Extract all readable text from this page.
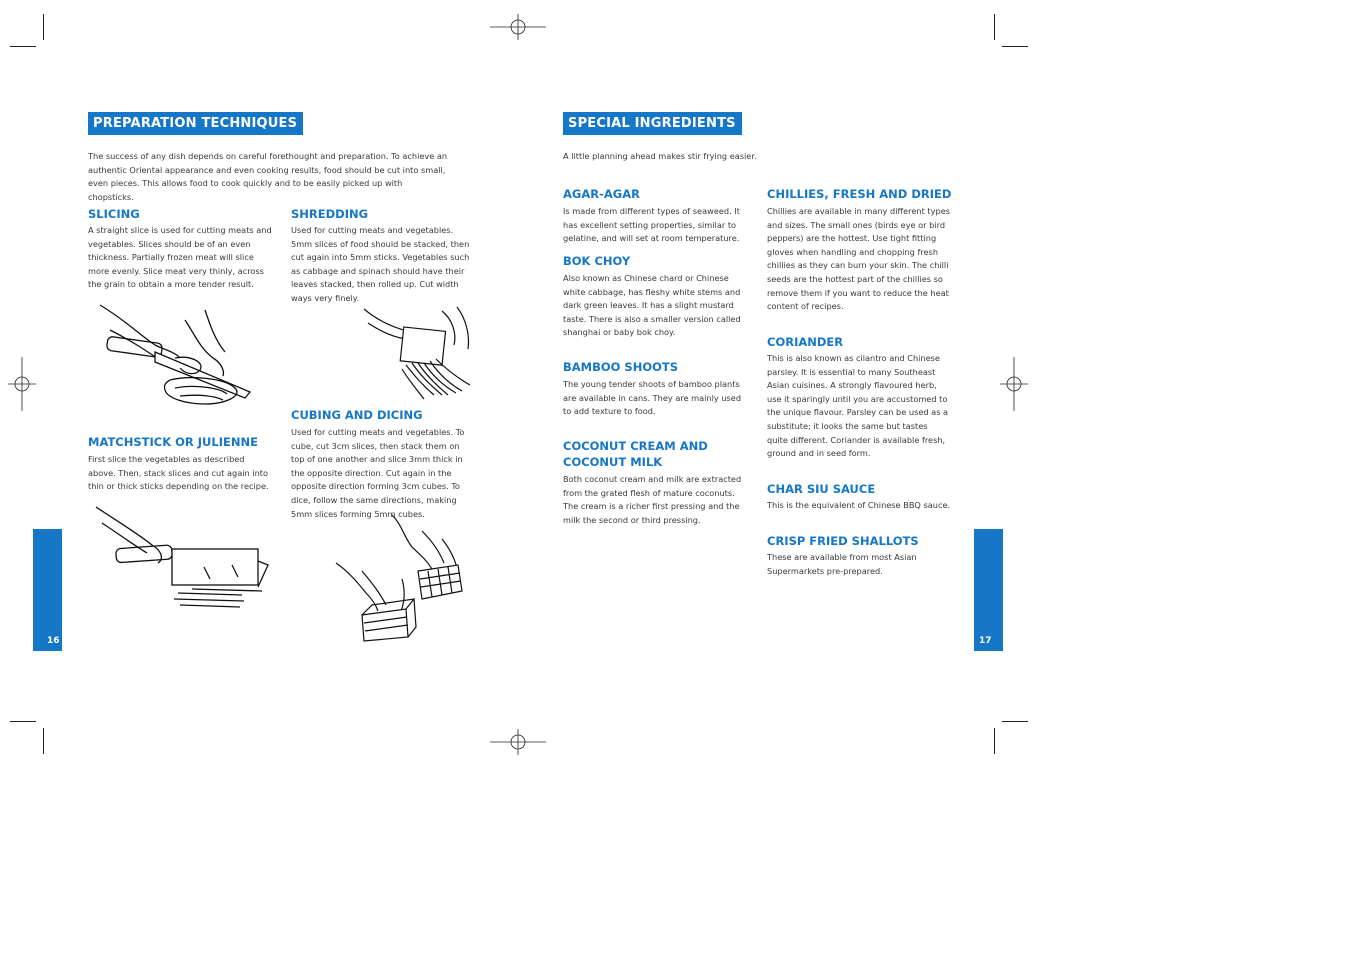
PREPARATION TECHNIQUES
The success of any dish depends on careful forethought and preparation. To achieve an authentic Oriental appearance and even cooking results, food should be cut into small, even pieces. This allows food to cook quickly and to be easily picked up with chopsticks.
SLICING
A straight slice is used for cutting meats and vegetables. Slices should be of an even thickness. Partially frozen meat will slice more evenly. Slice meat very thinly, across the grain to obtain a more tender result.
SHREDDING
Used for cutting meats and vegetables. 5mm slices of food should be stacked, then cut again into 5mm sticks. Vegetables such as cabbage and spinach should have their leaves stacked, then rolled up. Cut width ways very finely.
MATCHSTICK OR JULIENNE
First slice the vegetables as described above. Then, stack slices and cut again into thin or thick sticks depending on the recipe.
CUBING AND DICING
Used for cutting meats and vegetables. To cube, cut 3cm slices, then stack them on top of one another and slice 3mm thick in the opposite direction. Cut again in the opposite direction forming 3cm cubes. To dice, follow the same directions, making 5mm slices forming 5mm cubes.
16
SPECIAL INGREDIENTS
A little planning ahead makes stir frying easier.
AGAR-AGAR
Is made from different types of seaweed. It has excellent setting properties, similar to gelatine, and will set at room temperature.
BOK CHOY
Also known as Chinese chard or Chinese white cabbage, has fleshy white stems and dark green leaves. It has a slight mustard taste. There is also a smaller version called shanghai or baby bok choy.
BAMBOO SHOOTS
The young tender shoots of bamboo plants are available in cans. They are mainly used to add texture to food.
COCONUT CREAM AND COCONUT MILK
Both coconut cream and milk are extracted from the grated flesh of mature coconuts. The cream is a richer first pressing and the milk the second or third pressing.
CHILLIES, FRESH AND DRIED
Chillies are available in many different types and sizes. The small ones (birds eye or bird peppers) are the hottest. Use tight fitting gloves when handling and chopping fresh chillies as they can burn your skin. The chilli seeds are the hottest part of the chillies so remove them if you want to reduce the heat content of recipes.
CORIANDER
This is also known as cilantro and Chinese parsley. It is essential to many Southeast Asian cuisines. A strongly flavoured herb, use it sparingly until you are accustomed to the unique flavour. Parsley can be used as a substitute; it looks the same but tastes quite different. Coriander is available fresh, ground and in seed form.
CHAR SIU SAUCE
This is the equivalent of Chinese BBQ sauce.
CRISP FRIED SHALLOTS
These are available from most Asian Supermarkets pre-prepared.
17
